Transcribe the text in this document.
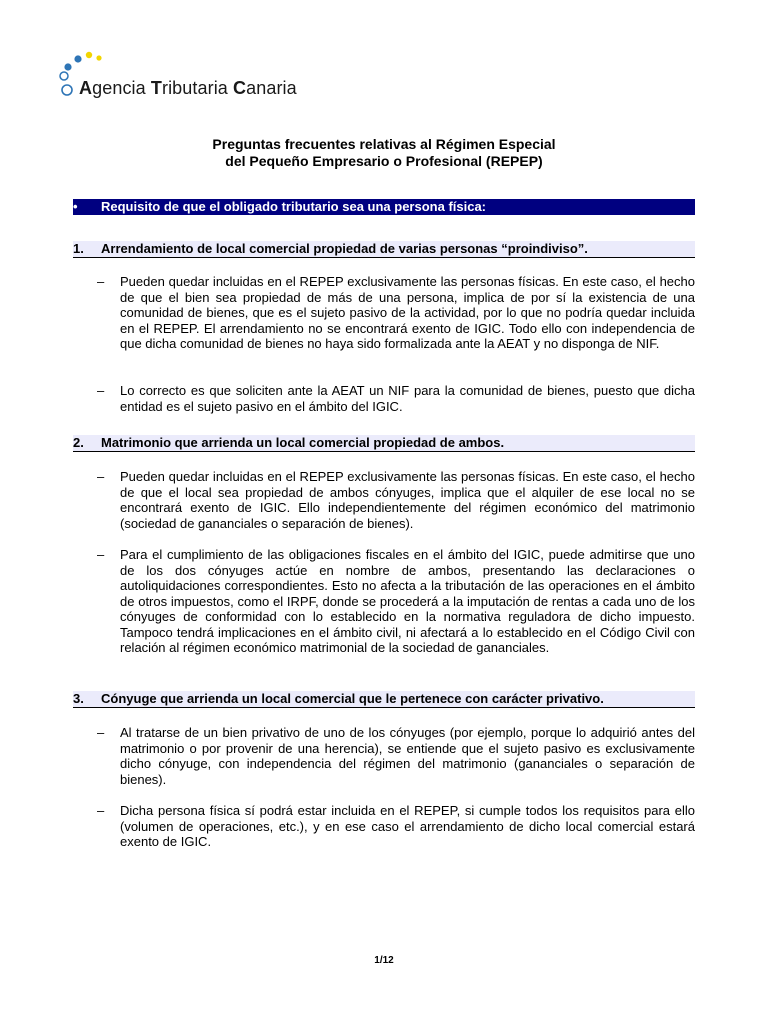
Agencia Tributaria Canaria
Preguntas frecuentes relativas al Régimen Especial
del Pequeño Empresario o Profesional (REPEP)
• Requisito de que el obligado tributario sea una persona física:
1. Arrendamiento de local comercial propiedad de varias personas “proindiviso”.
– Pueden quedar incluidas en el REPEP exclusivamente las personas físicas. En este caso, el hecho de que el bien sea propiedad de más de una persona, implica de por sí la existencia de una comunidad de bienes, que es el sujeto pasivo de la actividad, por lo que no podría quedar incluida en el REPEP. El arrendamiento no se encontrará exento de IGIC. Todo ello con independencia de que dicha comunidad de bienes no haya sido formalizada ante la AEAT y no disponga de NIF.
– Lo correcto es que soliciten ante la AEAT un NIF para la comunidad de bienes, puesto que dicha entidad es el sujeto pasivo en el ámbito del IGIC.
2. Matrimonio que arrienda un local comercial propiedad de ambos.
– Pueden quedar incluidas en el REPEP exclusivamente las personas físicas. En este caso, el hecho de que el local sea propiedad de ambos cónyuges, implica que el alquiler de ese local no se encontrará exento de IGIC. Ello independientemente del régimen económico del matrimonio (sociedad de gananciales o separación de bienes).
– Para el cumplimiento de las obligaciones fiscales en el ámbito del IGIC, puede admitirse que uno de los dos cónyuges actúe en nombre de ambos, presentando las declaraciones o autoliquidaciones correspondientes. Esto no afecta a la tributación de las operaciones en el ámbito de otros impuestos, como el IRPF, donde se procederá a la imputación de rentas a cada uno de los cónyuges de conformidad con lo establecido en la normativa reguladora de dicho impuesto. Tampoco tendrá implicaciones en el ámbito civil, ni afectará a lo establecido en el Código Civil con relación al régimen económico matrimonial de la sociedad de gananciales.
3. Cónyuge que arrienda un local comercial que le pertenece con carácter privativo.
– Al tratarse de un bien privativo de uno de los cónyuges (por ejemplo, porque lo adquirió antes del matrimonio o por provenir de una herencia), se entiende que el sujeto pasivo es exclusivamente dicho cónyuge, con independencia del régimen del matrimonio (gananciales o separación de bienes).
– Dicha persona física sí podrá estar incluida en el REPEP, si cumple todos los requisitos para ello (volumen de operaciones, etc.), y en ese caso el arrendamiento de dicho local comercial estará exento de IGIC.
1/12
